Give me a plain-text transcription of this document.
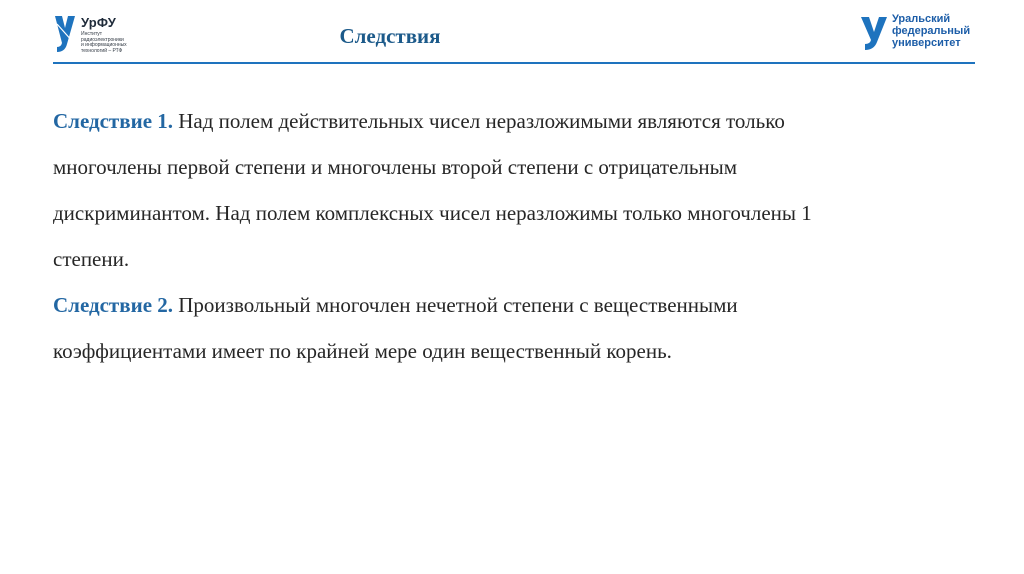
УрФУ
Институт
радиоэлектроники
и информационных
технологий – РТФ
Следствия
Уральский
федеральный
университет

Следствие 1. Над полем действительных чисел неразложимыми являются только
многочлены первой степени и многочлены второй степени с отрицательным
дискриминантом. Над полем комплексных чисел неразложимы только многочлены 1
степени.

Следствие 2. Произвольный многочлен нечетной степени с вещественными
коэффициентами имеет по крайней мере один вещественный корень.
